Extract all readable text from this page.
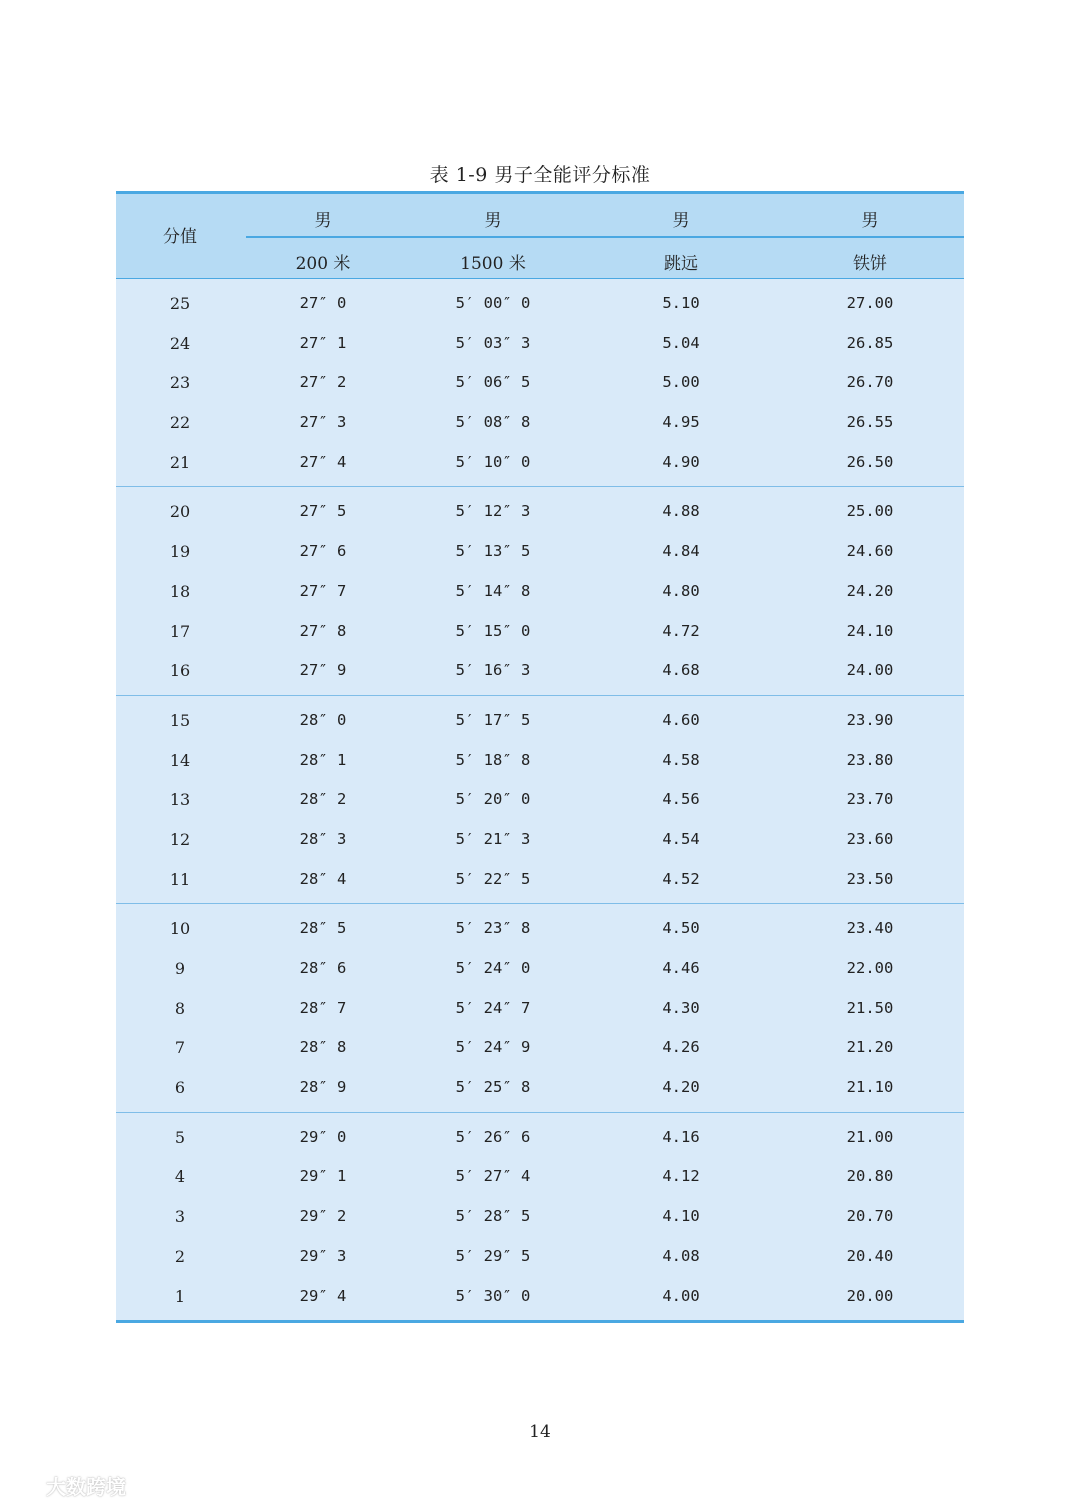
表 1-9 男子全能评分标准
分值
男	男	男	男
200 米	1500 米	跳远	铁饼
25	27″ 0	5′ 00″ 0	5.10	27.00
24	27″ 1	5′ 03″ 3	5.04	26.85
23	27″ 2	5′ 06″ 5	5.00	26.70
22	27″ 3	5′ 08″ 8	4.95	26.55
21	27″ 4	5′ 10″ 0	4.90	26.50
20	27″ 5	5′ 12″ 3	4.88	25.00
19	27″ 6	5′ 13″ 5	4.84	24.60
18	27″ 7	5′ 14″ 8	4.80	24.20
17	27″ 8	5′ 15″ 0	4.72	24.10
16	27″ 9	5′ 16″ 3	4.68	24.00
15	28″ 0	5′ 17″ 5	4.60	23.90
14	28″ 1	5′ 18″ 8	4.58	23.80
13	28″ 2	5′ 20″ 0	4.56	23.70
12	28″ 3	5′ 21″ 3	4.54	23.60
11	28″ 4	5′ 22″ 5	4.52	23.50
10	28″ 5	5′ 23″ 8	4.50	23.40
9	28″ 6	5′ 24″ 0	4.46	22.00
8	28″ 7	5′ 24″ 7	4.30	21.50
7	28″ 8	5′ 24″ 9	4.26	21.20
6	28″ 9	5′ 25″ 8	4.20	21.10
5	29″ 0	5′ 26″ 6	4.16	21.00
4	29″ 1	5′ 27″ 4	4.12	20.80
3	29″ 2	5′ 28″ 5	4.10	20.70
2	29″ 3	5′ 29″ 5	4.08	20.40
1	29″ 4	5′ 30″ 0	4.00	20.00
14
大数跨境
